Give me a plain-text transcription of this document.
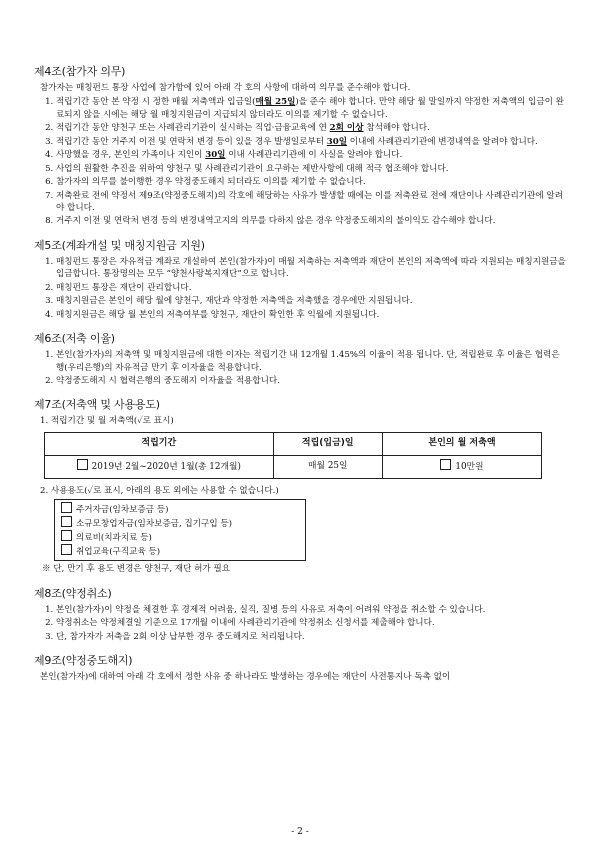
제4조(참가자 의무)

참가자는 매칭펀드 통장 사업에 참가함에 있어 아래 각 호의 사항에 대하여 의무를 준수해야 합니다.

1. 적립기간 동안 본 약정 시 정한 매월 저축액과 입금일(매월 25일)을 준수 해야 합니다. 만약 해당 월 말일까지 약정한 저축액의 입금이 완료되지 않을 시에는 해당 월 매칭지원금이 지급되지 않더라도 이의를 제기할 수 없습니다.
2. 적립기간 동안 양천구 또는 사례관리기관이 실시하는 직업·금융교육에 연 2회 이상 참석해야 합니다.
3. 적립기간 동안 거주지 이전 및 연락처 변경 등이 있을 경우 발생일로부터 30일 이내에 사례관리기관에 변경내역을 알려야 합니다.
4. 사망했을 경우, 본인의 가족이나 지인이 30일 이내 사례관리기관에 이 사실을 알려야 합니다.
5. 사업의 원활한 추진을 위하여 양천구 및 사례관리기관이 요구하는 제반사항에 대해 적극 협조해야 합니다.
6. 참가자의 의무를 불이행한 경우 약정중도해지 되더라도 이의를 제기할 수 없습니다.
7. 저축완료 전에 약정서 제9조(약정중도해지)의 각호에 해당하는 사유가 발생할 때에는 이를 저축완료 전에 재단이나 사례관리기관에 알려야 합니다.
8. 거주지 이전 및 연락처 변경 등의 변경내역고지의 의무를 다하지 않은 경우 약정중도해지의 불이익도 감수해야 합니다.
제5조(계좌개설 및 매칭지원금 지원)
1. 매칭펀드 통장은 자유적금 계좌로 개설하여 본인(참가자)이 매월 저축하는 저축액과 재단이 본인의 저축액에 따라 지원되는 매칭지원금을 입금합니다. 통장명의는 모두 “양천사랑복지재단”으로 합니다.
2. 매칭펀드 통장은 재단이 관리합니다.
3. 매칭지원금은 본인이 해당 월에 양천구, 재단과 약정한 저축액을 저축했을 경우에만 지원됩니다.
4. 매칭지원금은 해당 월 본인의 저축여부를 양천구, 재단이 확인한 후 익월에 지원됩니다.
제6조(저축 이율)
1. 본인(참가자)의 저축액 및 매칭지원금에 대한 이자는 적립기간 내 12개월 1.45%의 이율이 적용 됩니다. 단, 적립완료 후 이율은 협력은행(우리은행)의 자유적금 만기 후 이자율을 적용합니다.
2. 약정중도해지 시 협력은행의 중도해지 이자율을 적용합니다.
제7조(저축액 및 사용용도)
1. 적립기간 및 월 저축액(✓로 표시)
적립기간	적립(입금)일	본인의 월 저축액
2019년 2월~2020년 1월(총 12개월)	매월 25일	10만원
2. 사용용도(✓로 표시, 아래의 용도 외에는 사용할 수 없습니다.)
주거자금(임차보증금 등)
소규모창업자금(임차보증금, 집기구입 등)
의료비(치과치료 등)
취업교육(구직교육 등)
※ 단, 만기 후 용도 변경은 양천구, 재단 허가 필요
제8조(약정취소)
1. 본인(참가자)이 약정을 체결한 후 경제적 어려움, 실직, 질병 등의 사유로 저축이 어려워 약정을 취소할 수 있습니다.
2. 약정취소는 약정체결일 기준으로 17개월 이내에 사례관리기관에 약정취소 신청서를 제출해야 합니다.
3. 단, 참가자가 저축을 2회 이상 납부한 경우 중도해지로 처리됩니다.
제9조(약정중도해지)

본인(참가자)에 대하여 아래 각 호에서 정한 사유 중 하나라도 발생하는 경우에는 재단이 사전통지나 독촉 없이

- 2 -
